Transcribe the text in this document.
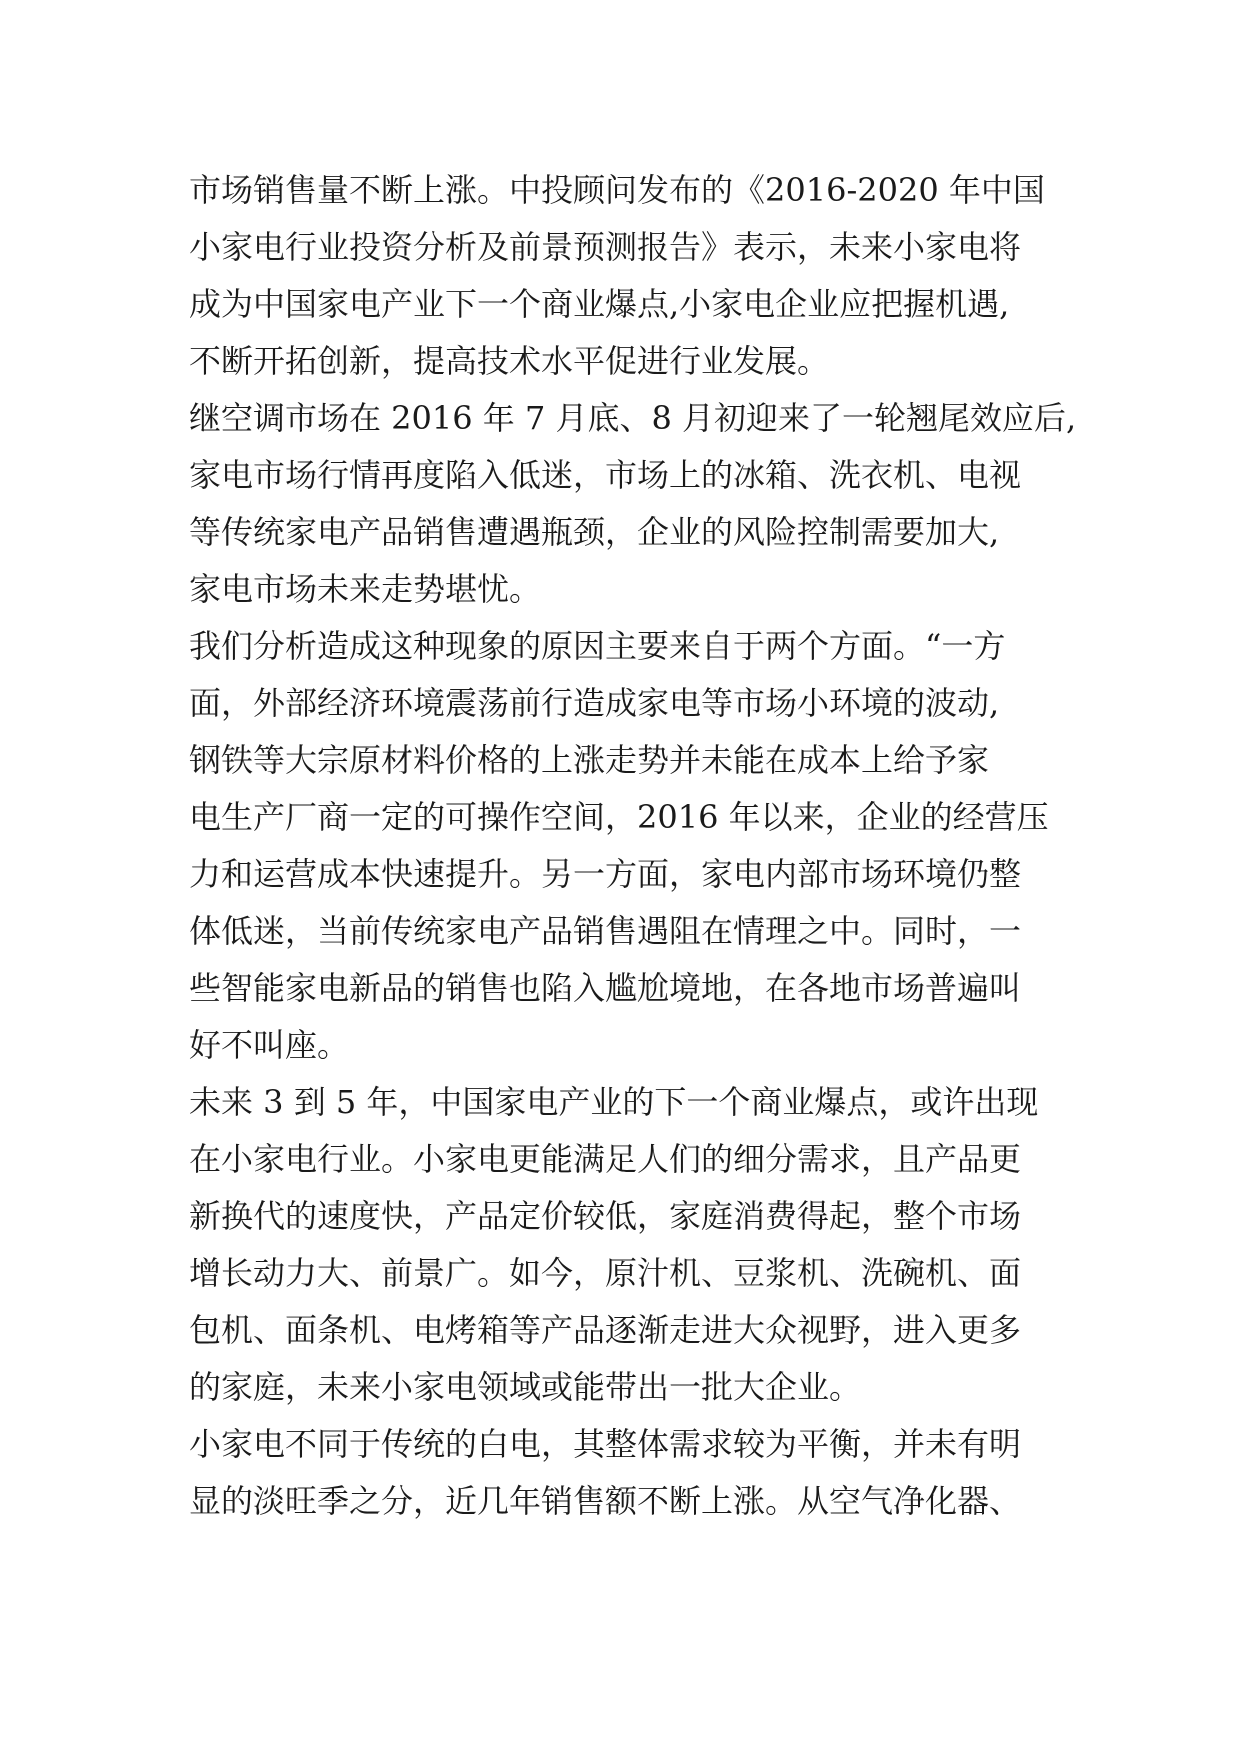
市场销售量不断上涨。中投顾问发布的《2016-2020 年中国
小家电行业投资分析及前景预测报告》表示，未来小家电将
成为中国家电产业下一个商业爆点,小家电企业应把握机遇,
不断开拓创新，提高技术水平促进行业发展。
继空调市场在 2016 年 7 月底、8 月初迎来了一轮翘尾效应后,
家电市场行情再度陷入低迷，市场上的冰箱、洗衣机、电视
等传统家电产品销售遭遇瓶颈，企业的风险控制需要加大,
家电市场未来走势堪忧。
我们分析造成这种现象的原因主要来自于两个方面。“一方
面，外部经济环境震荡前行造成家电等市场小环境的波动,
钢铁等大宗原材料价格的上涨走势并未能在成本上给予家
电生产厂商一定的可操作空间，2016 年以来，企业的经营压
力和运营成本快速提升。另一方面，家电内部市场环境仍整
体低迷，当前传统家电产品销售遇阻在情理之中。同时，一
些智能家电新品的销售也陷入尴尬境地，在各地市场普遍叫
好不叫座。
未来 3 到 5 年，中国家电产业的下一个商业爆点，或许出现
在小家电行业。小家电更能满足人们的细分需求，且产品更
新换代的速度快，产品定价较低，家庭消费得起，整个市场
增长动力大、前景广。如今，原汁机、豆浆机、洗碗机、面
包机、面条机、电烤箱等产品逐渐走进大众视野，进入更多
的家庭，未来小家电领域或能带出一批大企业。
小家电不同于传统的白电，其整体需求较为平衡，并未有明
显的淡旺季之分，近几年销售额不断上涨。从空气净化器、
